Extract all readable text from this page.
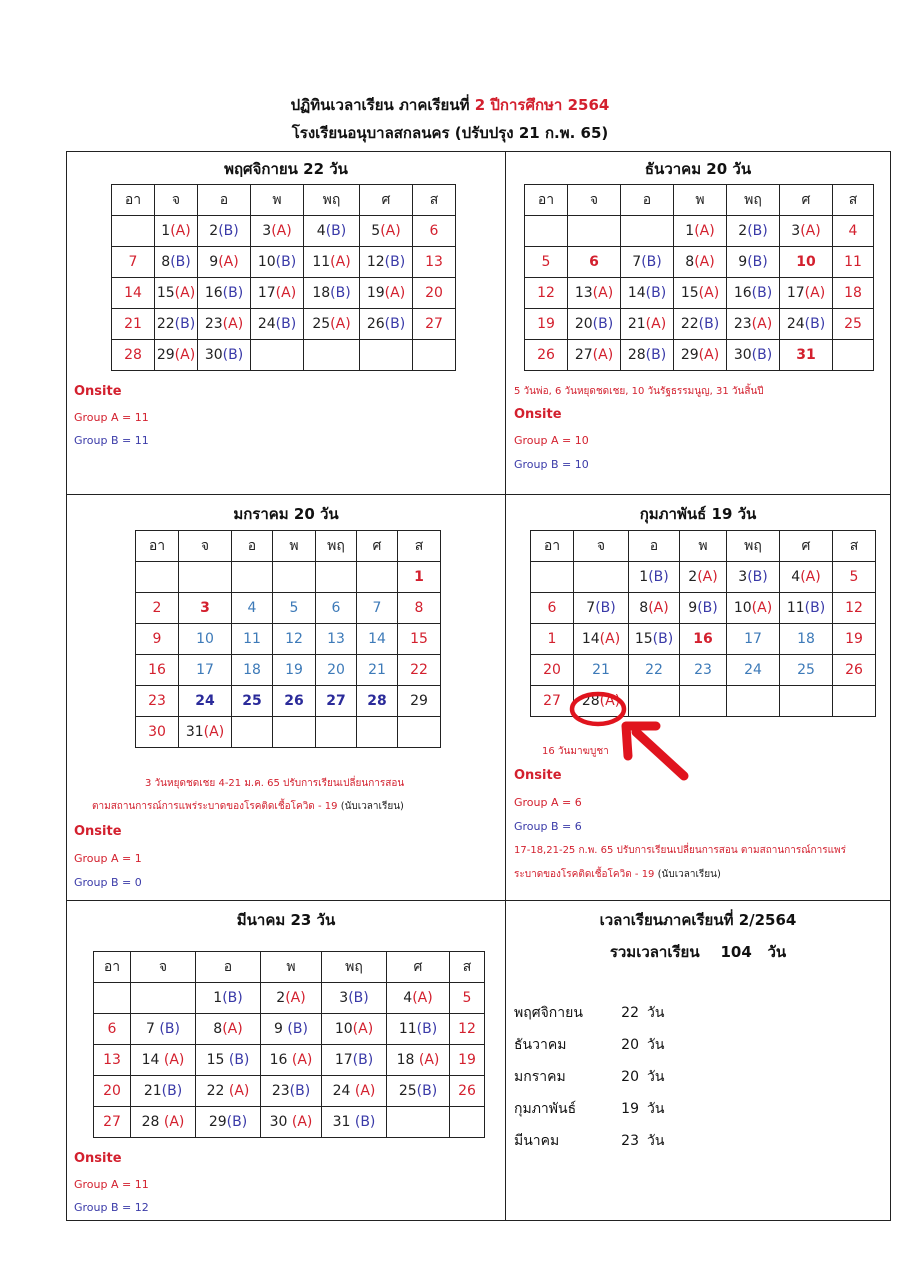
ปฏิทินเวลาเรียน ภาคเรียนที่ 2 ปีการศึกษา 2564
โรงเรียนอนุบาลสกลนคร (ปรับปรุง 21 ก.พ. 65)
พฤศจิกายน 22 วัน
อา	จ	อ	พ	พฤ	ศ	ส
	1(A)	2(B)	3(A)	4(B)	5(A)	6
7	8(B)	9(A)	10(B)	11(A)	12(B)	13
14	15(A)	16(B)	17(A)	18(B)	19(A)	20
21	22(B)	23(A)	24(B)	25(A)	26(B)	27
28	29(A)	30(B)				
Onsite
Group A = 11
Group B = 11
ธันวาคม 20 วัน
อา	จ	อ	พ	พฤ	ศ	ส
			1(A)	2(B)	3(A)	4
5	6	7(B)	8(A)	9(B)	10	11
12	13(A)	14(B)	15(A)	16(B)	17(A)	18
19	20(B)	21(A)	22(B)	23(A)	24(B)	25
26	27(A)	28(B)	29(A)	30(B)	31	
5 วันพ่อ, 6 วันหยุดชดเชย, 10 วันรัฐธรรมนูญ, 31 วันสิ้นปี
Onsite
Group A = 10
Group B = 10
มกราคม 20 วัน
อา	จ	อ	พ	พฤ	ศ	ส
						1
2	3	4	5	6	7	8
9	10	11	12	13	14	15
16	17	18	19	20	21	22
23	24	25	26	27	28	29
30	31(A)					
3 วันหยุดชดเชย 4-21 ม.ค. 65 ปรับการเรียนเปลี่ยนการสอน
ตามสถานการณ์การแพร่ระบาดของโรคติดเชื้อโควิด - 19 (นับเวลาเรียน)
Onsite
Group A = 1
Group B = 0
กุมภาพันธ์ 19 วัน
อา	จ	อ	พ	พฤ	ศ	ส
		1(B)	2(A)	3(B)	4(A)	5
6	7(B)	8(A)	9(B)	10(A)	11(B)	12
1	14(A)	15(B)	16	17	18	19
20	21	22	23	24	25	26
27	28(A)					
16 วันมาฆบูชา
Onsite
Group A = 6
Group B = 6
17-18,21-25 ก.พ. 65 ปรับการเรียนเปลี่ยนการสอน ตามสถานการณ์การแพร่
ระบาดของโรคติดเชื้อโควิด - 19 (นับเวลาเรียน)
มีนาคม 23 วัน
อา	จ	อ	พ	พฤ	ศ	ส
		1(B)	2(A)	3(B)	4(A)	5
6	7 (B)	8(A)	9 (B)	10(A)	11(B)	12
13	14 (A)	15 (B)	16 (A)	17(B)	18 (A)	19
20	21(B)	22 (A)	23(B)	24 (A)	25(B)	26
27	28 (A)	29(B)	30 (A)	31 (B)		
Onsite
Group A = 11
Group B = 12
เวลาเรียนภาคเรียนที่ 2/2564
รวมเวลาเรียน 104 วัน
พฤศจิกายน	22 วัน
ธันวาคม	20 วัน
มกราคม	20 วัน
กุมภาพันธ์	19 วัน
มีนาคม	23 วัน
